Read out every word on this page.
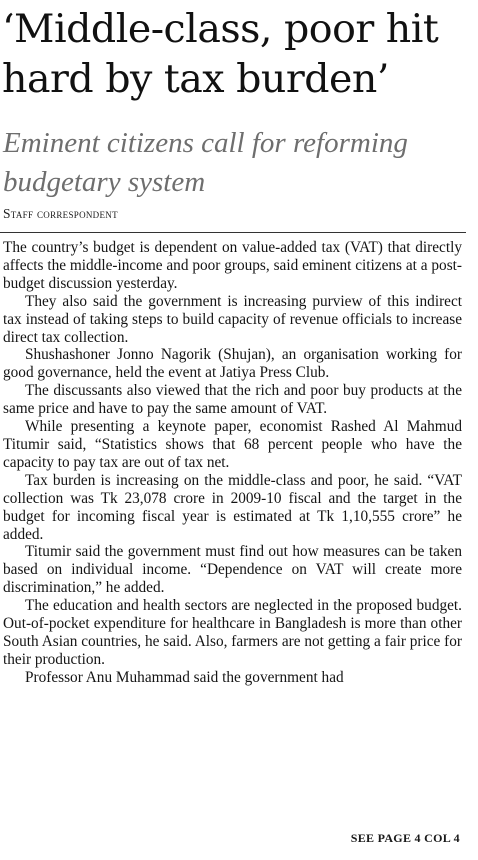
‘Middle-class, poor hit hard by tax burden’
Eminent citizens call for reforming budgetary system
Staff correspondent

The country’s budget is dependent on value-added tax (VAT) that directly affects the middle-income and poor groups, said eminent citizens at a post-budget discussion yesterday.

They also said the government is increasing purview of this indirect tax instead of taking steps to build capacity of revenue officials to increase direct tax collection.

Shushashoner Jonno Nagorik (Shujan), an organisation working for good governance, held the event at Jatiya Press Club.

The discussants also viewed that the rich and poor buy products at the same price and have to pay the same amount of VAT.

While presenting a keynote paper, economist Rashed Al Mahmud Titumir said, “Statistics shows that 68 percent people who have the capacity to pay tax are out of tax net.

Tax burden is increasing on the middle-class and poor, he said. “VAT collection was Tk 23,078 crore in 2009-10 fiscal and the target in the budget for incoming fiscal year is estimated at Tk 1,10,555 crore” he added.

Titumir said the government must find out how measures can be taken based on individual income. “Dependence on VAT will create more discrimination,” he added.

The education and health sectors are neglected in the proposed budget. Out-of-pocket expenditure for healthcare in Bangladesh is more than other South Asian countries, he said. Also, farmers are not getting a fair price for their production.

Professor Anu Muhammad said the government had

SEE PAGE 4 COL 4
